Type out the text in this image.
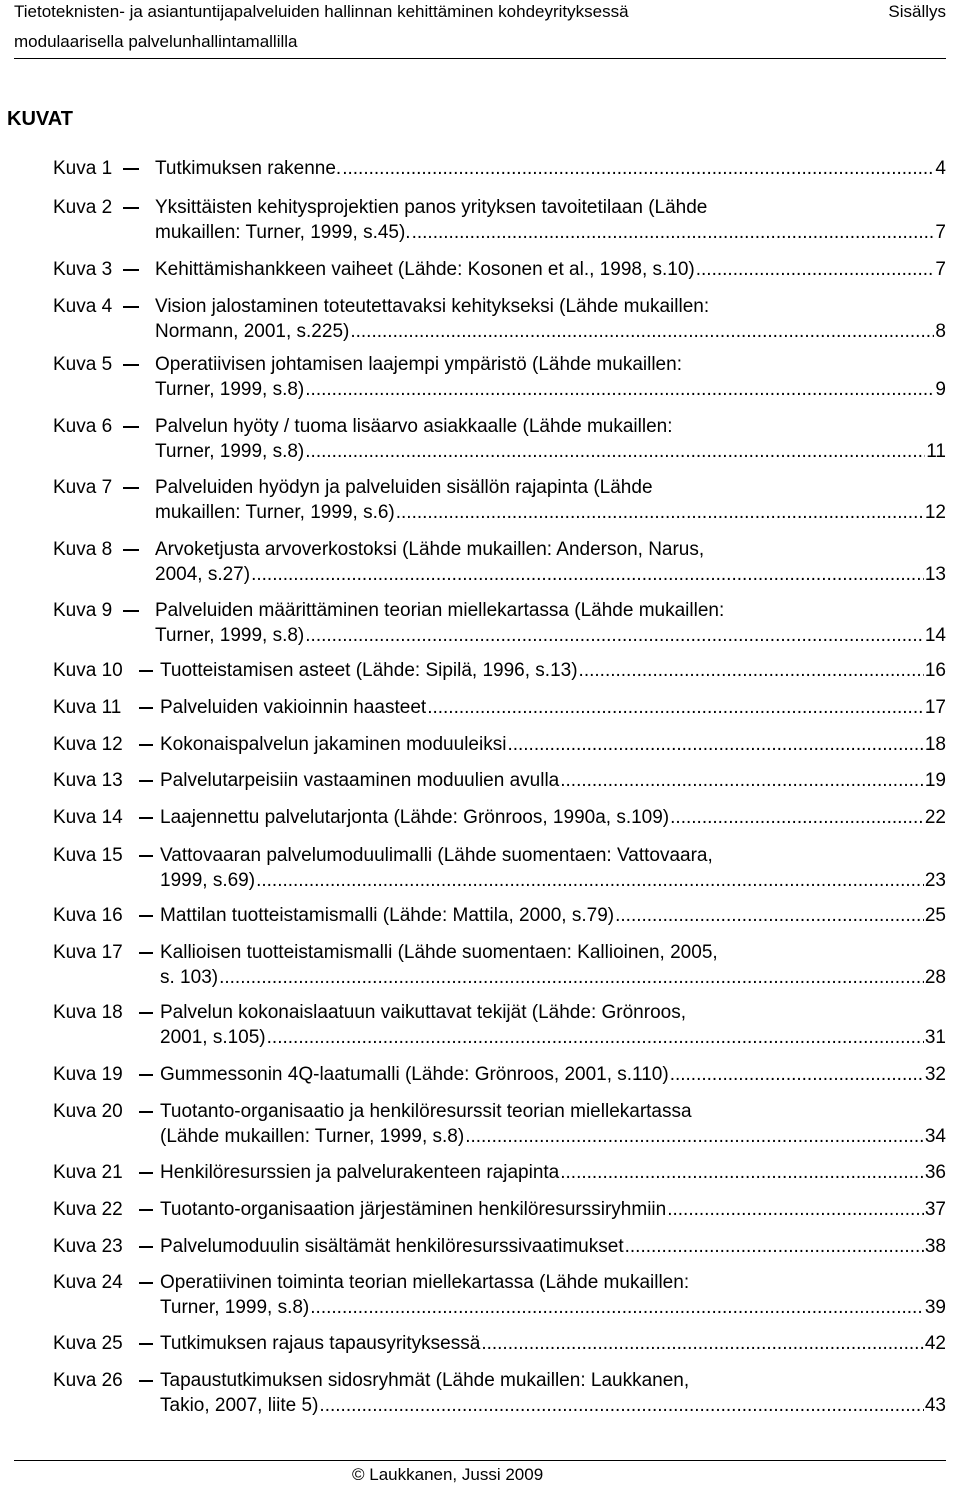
Tietoteknisten- ja asiantuntijapalveluiden hallinnan kehittäminen kohdeyrityksessä
modulaarisella palvelunhallintamallilla
Sisällys
KUVAT
Kuva 1 Tutkimuksen rakenne. .....	4
Kuva 2 Yksittäisten kehitysprojektien panos yrityksen tavoitetilaan (Lähde
mukaillen: Turner, 1999, s.45). .....	7
Kuva 3 Kehittämishankkeen vaiheet (Lähde: Kosonen et al., 1998, s.10) .....	7
Kuva 4 Vision jalostaminen toteutettavaksi kehitykseksi (Lähde mukaillen:
Normann, 2001, s.225) .....	8
Kuva 5 Operatiivisen johtamisen laajempi ympäristö (Lähde mukaillen:
Turner, 1999, s.8) .....	9
Kuva 6 Palvelun hyöty / tuoma lisäarvo asiakkaalle (Lähde mukaillen:
Turner, 1999, s.8) .....	11
Kuva 7 Palveluiden hyödyn ja palveluiden sisällön rajapinta (Lähde
mukaillen: Turner, 1999, s.6) .....	12
Kuva 8 Arvoketjusta arvoverkostoksi (Lähde mukaillen: Anderson, Narus,
2004, s.27) .....	13
Kuva 9 Palveluiden määrittäminen teorian miellekartassa (Lähde mukaillen:
Turner, 1999, s.8) .....	14
Kuva 10 Tuotteistamisen asteet (Lähde: Sipilä, 1996, s.13) .....	16
Kuva 11 Palveluiden vakioinnin haasteet .....	17
Kuva 12 Kokonaispalvelun jakaminen moduuleiksi .....	18
Kuva 13 Palvelutarpeisiin vastaaminen moduulien avulla .....	19
Kuva 14 Laajennettu palvelutarjonta (Lähde: Grönroos, 1990a, s.109) .....	22
Kuva 15 Vattovaaran palvelumoduulimalli (Lähde suomentaen: Vattovaara,
1999, s.69) .....	23
Kuva 16 Mattilan tuotteistamismalli (Lähde: Mattila, 2000, s.79) .....	25
Kuva 17 Kallioisen tuotteistamismalli (Lähde suomentaen: Kallioinen, 2005,
s. 103) .....	28
Kuva 18 Palvelun kokonaislaatuun vaikuttavat tekijät (Lähde: Grönroos,
2001, s.105) .....	31
Kuva 19 Gummessonin 4Q-laatumalli (Lähde: Grönroos, 2001, s.110) .....	32
Kuva 20 Tuotanto-organisaatio ja henkilöresurssit teorian miellekartassa
(Lähde mukaillen: Turner, 1999, s.8) .....	34
Kuva 21 Henkilöresurssien ja palvelurakenteen rajapinta .....	36
Kuva 22 Tuotanto-organisaation järjestäminen henkilöresurssiryhmiin .....	37
Kuva 23 Palvelumoduulin sisältämät henkilöresurssivaatimukset .....	38
Kuva 24 Operatiivinen toiminta teorian miellekartassa (Lähde mukaillen:
Turner, 1999, s.8) .....	39
Kuva 25 Tutkimuksen rajaus tapausyrityksessä .....	42
Kuva 26 Tapaustutkimuksen sidosryhmät (Lähde mukaillen: Laukkanen,
Takio, 2007, liite 5) .....	43
© Laukkanen, Jussi 2009
